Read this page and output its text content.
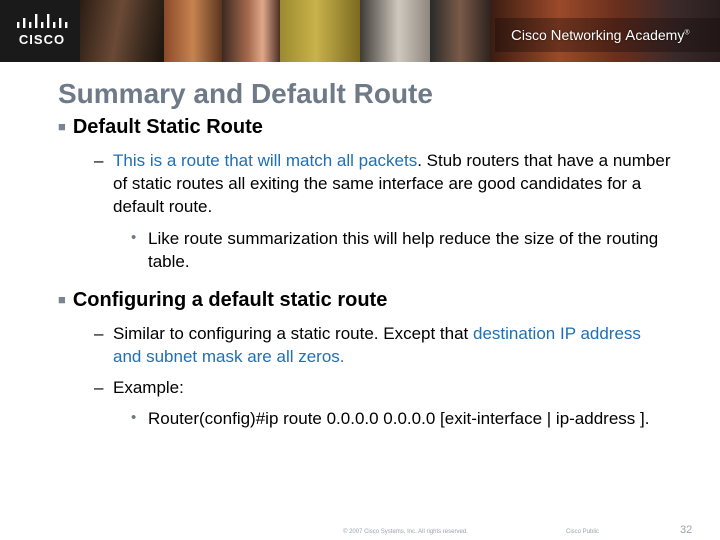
CISCO	Cisco Networking Academy®
Summary and Default Route
■ Default Static Route
– This is a route that will match all packets. Stub routers that have a number of static routes all exiting the same interface are good candidates for a default route.
• Like route summarization this will help reduce the size of the routing table.
■ Configuring a default static route
– Similar to configuring a static route. Except that destination IP address and subnet mask are all zeros.
– Example:
• Router(config)#ip route 0.0.0.0 0.0.0.0 [exit-interface | ip-address ].
© 2007 Cisco Systems, Inc. All rights reserved.	Cisco Public	32
